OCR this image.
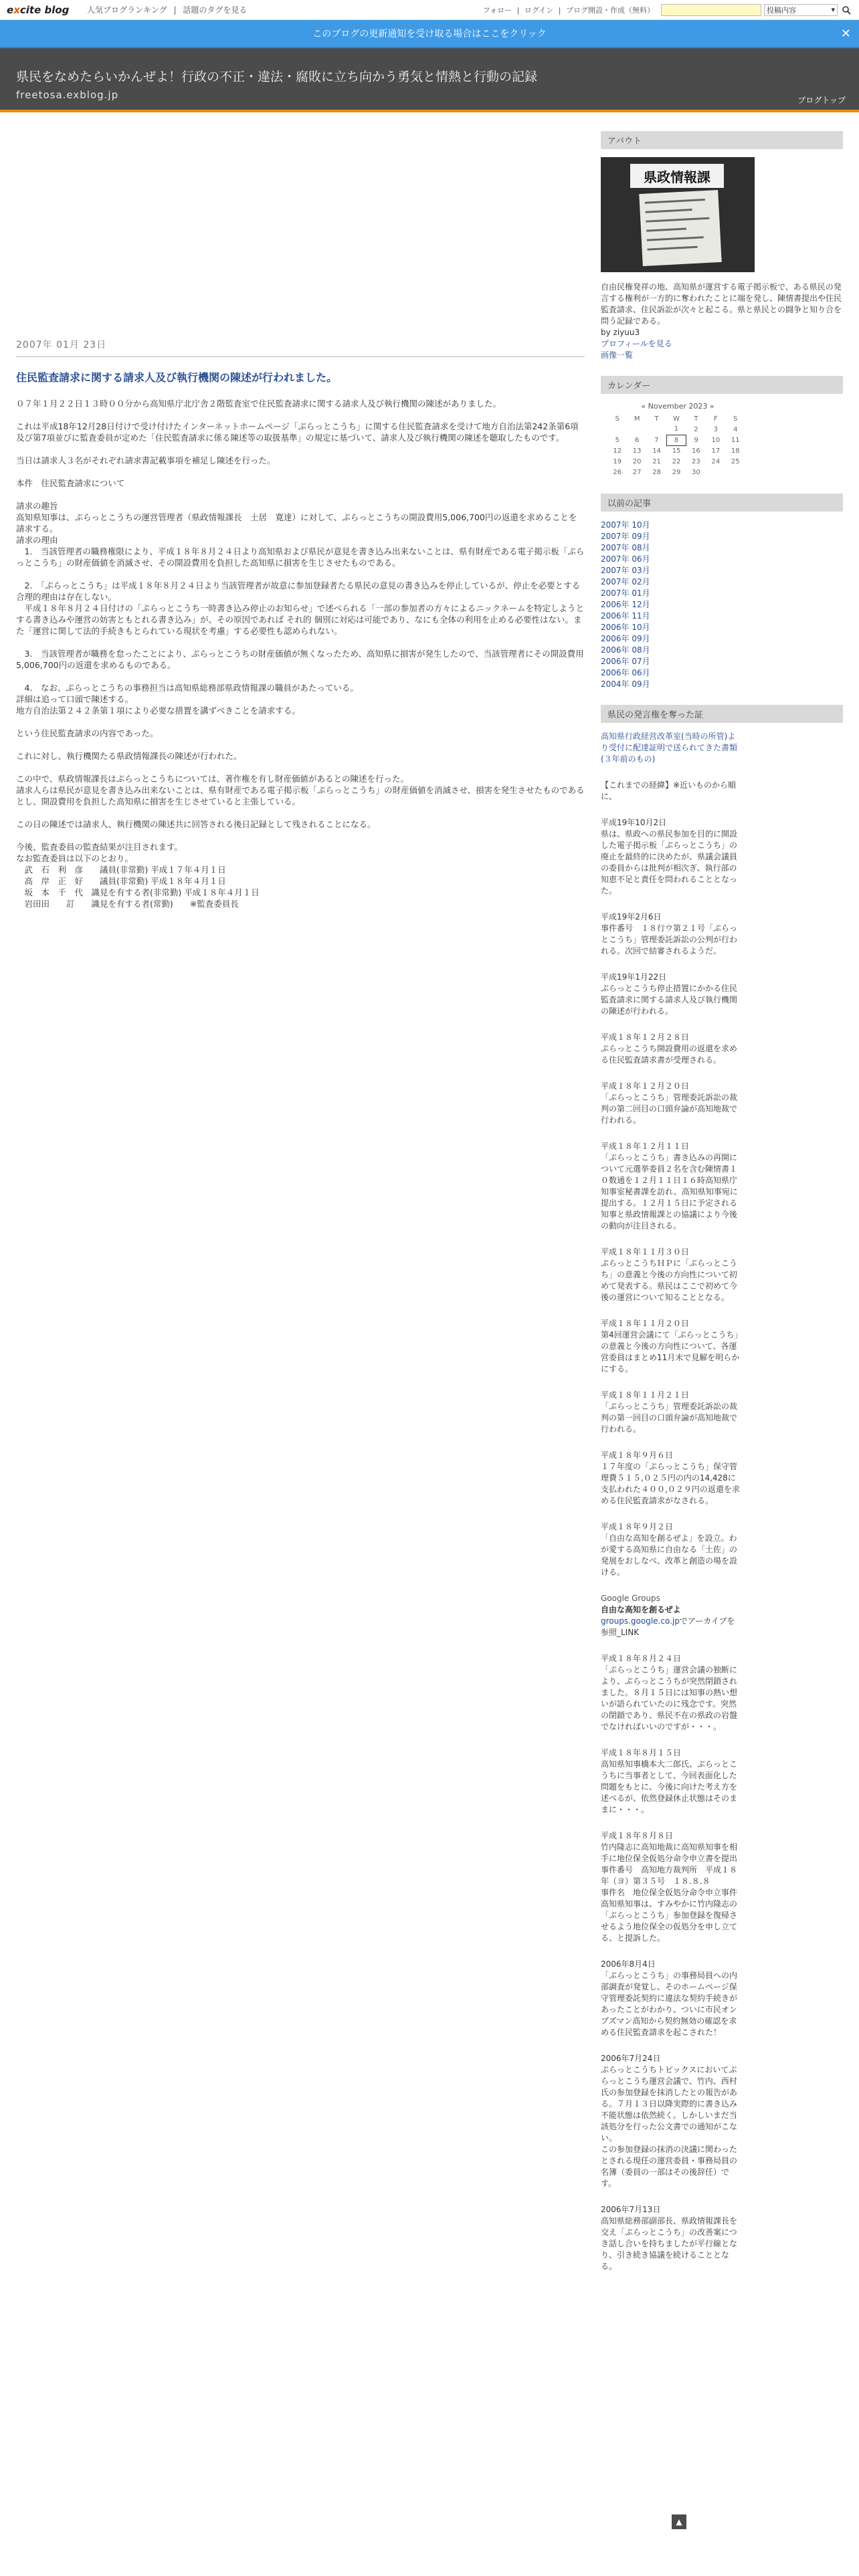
excite blog	人気ブログランキング | 話題のタグを見る	フォロー | ログイン | ブログ開設・作成（無料）	投稿内容	▾
このブログの更新通知を受け取る場合はここをクリック	✕
県民をなめたらいかんぜよ！行政の不正・違法・腐敗に立ち向かう勇気と情熱と行動の記録
freetosa.exblog.jp	ブログトップ
2007年 01月 23日
住民監査請求に関する請求人及び執行機関の陳述が行われました。

０７年１月２２日１３時００分から高知県庁北庁舎２階監査室で住民監査請求に関する請求人及び執行機関の陳述がありました。

これは平成18年12月28日付けで受け付けたインターネットホームページ「ぷらっとこうち」に関する住民監査請求を受けて地方自治法第242条第6項及び第7項並びに監査委員が定めた「住民監査請求に係る陳述等の取扱基準」の規定に基づいて、請求人及び執行機関の陳述を聴取したものです。

当日は請求人３名がそれぞれ請求書記載事項を補足し陳述を行った。

本件　住民監査請求について

請求の趣旨
高知県知事は、ぷらっとこうちの運営管理者（県政情報課長　土居　寛達）に対して、ぷらっとこうちの開設費用5,006,700円の返還を求めることを請求する。
請求の理由
　1.　当該管理者の職務権限により、平成１８年８月２４日より高知県および県民が意見を書き込み出来ないことは、県有財産である電子掲示板「ぷらっとこうち」の財産価値を消滅させ、その開設費用を負担した高知県に損害を生じさせたものである。

　2.　「ぷらっとこうち」は平成１８年８月２４日より当該管理者が故意に参加登録者たる県民の意見の書き込みを停止しているが、停止を必要とする合理的理由は存在しない。
　平成１８年８月２４日付けの「ぷらっとこうち一時書き込み停止のお知らせ」で述べられる「一部の参加者の方々によるニックネームを特定しようとする書き込みや運営の妨害ともとれる書き込み」が、その原因であれば それ的 個別に対応は可能であり、なにも全体の利用を止める必要性はない。また「運営に関して法的手続きもとられている現状を考慮」する必要性も認められない。

　3.　当該管理者が職務を怠ったことにより、ぷらっとこうちの財産価値が無くなったため、高知県に損害が発生したので、当該管理者にその開設費用5,006,700円の返還を求めるものである。

　4.　なお、ぷらっとこうちの事務担当は高知県総務部県政情報課の職員があたっている。
詳細は追って口頭で陳述する。
地方自治法第２４２条第１項により必要な措置を講ずべきことを請求する。

という住民監査請求の内容であった。

これに対し、執行機関たる県政情報課長の陳述が行われた。

この中で、県政情報課長はぷらっとこうちについては、著作権を有し財産価値があるとの陳述を行った。
請求人らは県民が意見を書き込み出来ないことは、県有財産である電子掲示板「ぷらっとこうち」の財産価値を消滅させ、損害を発生させたものであるとし、開設費用を負担した高知県に損害を生じさせていると主張している。

この日の陳述では請求人、執行機関の陳述共に回答される後日記録として残されることになる。

今後、監査委員の監査結果が注目されます。
なお監査委員は以下のとおり。
　武　石　利　彦　　議員(非常勤) 平成１７年４月１日
　高　岸　正　好　　議員(非常勤) 平成１８年４月１日
　坂　本　千　代　識見を有する者(非常勤) 平成１８年４月１日
　岩田田　　訂　　識見を有する者(常勤)　　※監査委員長

アバウト
県政情報課
自由民権発祥の地、高知県が運営する電子掲示板で、ある県民の発言する権利が一方的に奪われたことに端を発し、陳情書提出や住民監査請求、住民訴訟が次々と起こる。県と県民との闘争と知り合を問う記録である。
by ziyuu3
プロフィールを見る
画像一覧
カレンダー
« November 2023 »
S	M	T	W	T	F	S
			1	2	3	4
5	6	7	8	9	10	11
12	13	14	15	16	17	18
19	20	21	22	23	24	25
26	27	28	29	30		
以前の記事
2007年 10月
2007年 09月
2007年 08月
2007年 06月
2007年 03月
2007年 02月
2007年 01月
2006年 12月
2006年 11月
2006年 10月
2006年 09月
2006年 08月
2006年 07月
2006年 06月
2004年 09月
県民の発言権を奪った証
高知県行政経営改革室(当時の所管)より受付に配達証明で送られてきた書類(３年前のもの)
【これまでの経緯】※近いものから順に、
平成19年10月2日
県は、県政への県民参加を目的に開設した電子掲示板「ぷらっとこうち」の廃止を最終的に決めたが、県議会議員の委員からは批判が相次ぎ、執行部の知恵不足と責任を問われることとなった。
平成19年2月6日
事件番号　１８行ウ第２１号「ぷらっとこうち」管理委託訴訟の公判が行われる。次回で結審されるようだ。
平成19年1月22日
ぷらっとこうち停止措置にかかる住民監査請求に関する請求人及び執行機関の陳述が行われる。
平成１８年１２月２８日
ぷらっとこうち開設費用の返還を求める住民監査請求書が受理される。
平成１８年１２月２０日
「ぷらっとこうち」管理委託訴訟の裁判の第二回目の口頭弁論が高知地裁で行われる。
平成１８年１２月１１日
「ぷらっとこうち」書き込みの再開について元選挙委員２名を含む陳情書１０数通を１２月１１日１６時高知県庁知事室秘書課を訪れ、高知県知事宛に提出する。１２月１５日に予定される知事と県政情報課との協議により今後の動向が注目される。
平成１８年１１月３０日
ぷらっとこうちＨＰに「ぷらっとこうち」の意義と今後の方向性について初めて発表する。県民はここで初めて今後の運営について知ることとなる。
平成１８年１１月２０日
第4回運営会議にて「ぷらっとこうち」の意義と今後の方向性について、各運営委員はまとめ11月末で見解を明らかにする。
平成１８年１１月２１日
「ぷらっとこうち」管理委託訴訟の裁判の第一回目の口頭弁論が高知地裁で行われる。
平成１８年９月６日
１７年度の「ぷらっとこうち」保守管理費５１５,０２５円の内の14,428に支払われた４００,０２９円の返還を求める住民監査請求がなされる。
平成１８年９月２日
「自由な高知を創るぜよ」を設立。わが愛する高知県に自由なる「土佐」の発展をおしなべ、改革と創造の場を設ける。
Google Groups
自由な高知を創るぜよ
groups.google.co.jpでアーカイブを参照_LINK
平成１８年８月２４日
「ぷらっとこうち」運営会議の独断により、ぷらっとこうちが突然閉鎖されました。８月１５日には知事の熱い想いが語られていたのに残念です。突然の閉鎖であり、県民不在の県政の岩盤でなければいいのですが・・・。
平成１８年８月１５日
高知県知事橋本大二郎氏、ぷらっとこうちに当事者として、今回表面化した問題をもとに、今後に向けた考え方を述べるが、依然登録休止状態はそのままに・・・。
平成１８年８月８日
竹内隆志に高知地裁に高知県知事を相手に地位保全仮処分命令申立書を提出
事件番号　高知地方裁判所　平成１８年（ヨ）第３５号　１８.８.８
事件名　地位保全仮処分命令申立事件
高知県知事は、すみやかに竹内隆志の「ぷらっとこうち」参加登録を復帰させるよう地位保全の仮処分を申し立てる、と提訴した。
2006年8月4日
「ぷらっとこうち」の事務局員への内部調査が発覚し、そのホームページ保守管理委託契約に違法な契約手続きがあったことがわかり、ついに市民オンブズマン高知から契約無効の確認を求める住民監査請求を起こされた！
2006年7月24日
ぷらっとこうちトピックスにおいてぷらっとこうち運営会議で、竹内、西村氏の参加登録を抹消したとの報告がある。７月１３日以降実際的に書き込み不能状態は依然続く。しかしいまだ当該処分を行った公文書での通知がこない。
この参加登録の抹消の決議に関わったとされる現任の運営委員・事務局員の名簿（委員の一部はその後辞任）です。
2006年7月13日
高知県総務部副部長、県政情報課長を交え「ぷらっとこうち」の改善案につき話し合いを持ちましたが平行線となり、引き続き協議を続けることとなる。
▲
